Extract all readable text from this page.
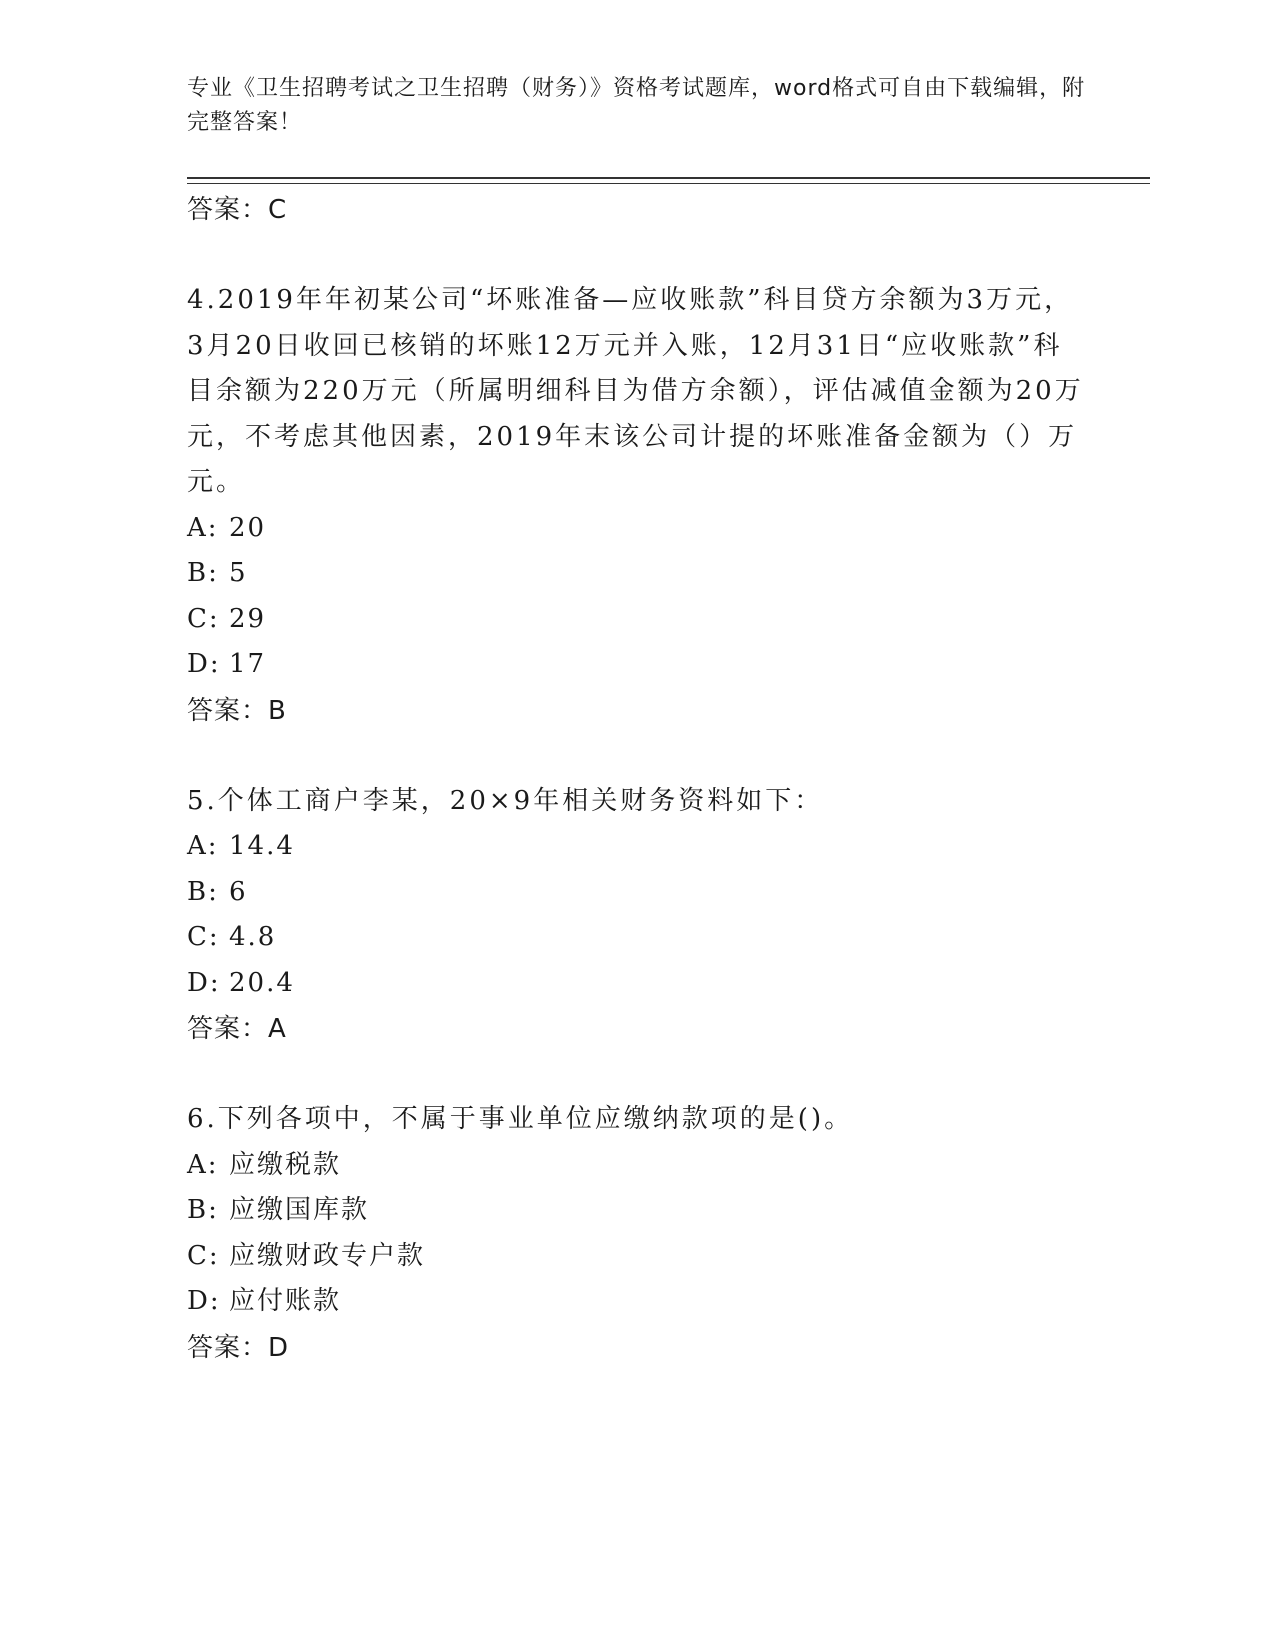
专业《卫生招聘考试之卫生招聘（财务）》资格考试题库，word格式可自由下载编辑，附完整答案！
答案：C
4.2019年年初某公司“坏账准备—应收账款”科目贷方余额为3万元，3月20日收回已核销的坏账12万元并入账，12月31日“应收账款”科目余额为220万元（所属明细科目为借方余额），评估减值金额为20万元，不考虑其他因素，2019年末该公司计提的坏账准备金额为（）万元。
A: 20
B: 5
C: 29
D: 17
答案：B
5.个体工商户李某，20×9年相关财务资料如下：
A: 14.4
B: 6
C: 4.8
D: 20.4
答案：A
6.下列各项中，不属于事业单位应缴纳款项的是()。
A: 应缴税款
B: 应缴国库款
C: 应缴财政专户款
D: 应付账款
答案：D
